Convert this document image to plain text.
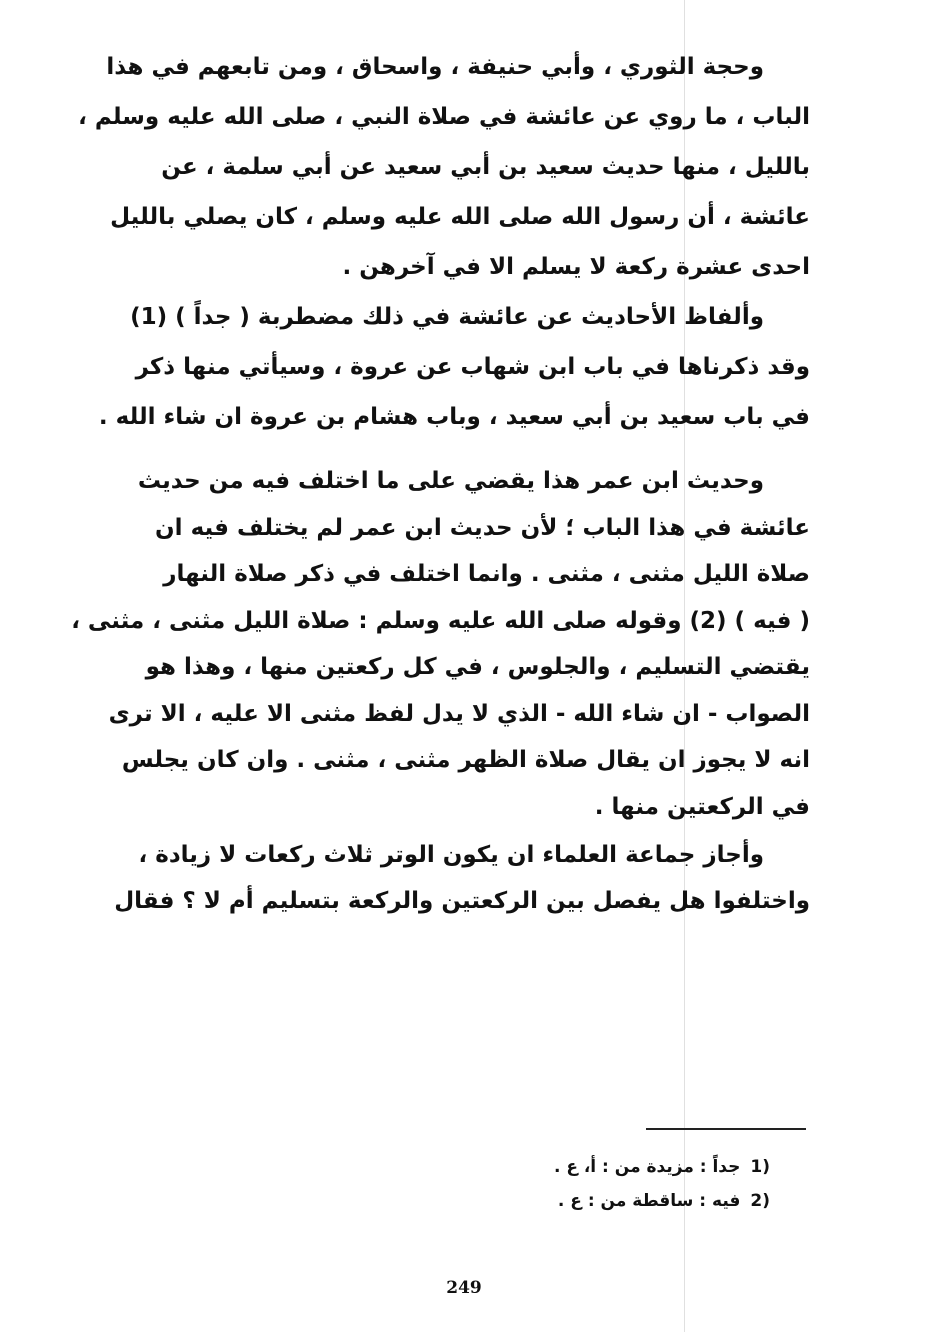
وحجة الثوري ، وأبي حنيفة ، واسحاق ، ومن تابعهم في هذا
الباب ، ما روي عن عائشة في صلاة النبي ، صلى الله عليه وسلم ،
بالليل ، منها حديث سعيد بن أبي سعيد عن أبي سلمة ، عن
عائشة ، أن رسول الله صلى الله عليه وسلم ، كان يصلي بالليل
احدى عشرة ركعة لا يسلم الا في آخرهن .
وألفاظ الأحاديث عن عائشة في ذلك مضطربة ( جداً ) (1)
وقد ذكرناها في باب ابن شهاب عن عروة ، وسيأتي منها ذكر
في باب سعيد بن أبي سعيد ، وباب هشام بن عروة ان شاء الله .
وحديث ابن عمر هذا يقضي على ما اختلف فيه من حديث
عائشة في هذا الباب ؛ لأن حديث ابن عمر لم يختلف فيه ان
صلاة الليل مثنى ، مثنى . وانما اختلف في ذكر صلاة النهار
( فيه ) (2) وقوله صلى الله عليه وسلم : صلاة الليل مثنى ، مثنى ،
يقتضي التسليم ، والجلوس ، في كل ركعتين منها ، وهذا هو
الصواب - ان شاء الله - الذي لا يدل لفظ مثنى الا عليه ، الا ترى
انه لا يجوز ان يقال صلاة الظهر مثنى ، مثنى . وان كان يجلس
في الركعتين منها .
وأجاز جماعة العلماء ان يكون الوتر ثلاث ركعات لا زيادة ،
واختلفوا هل يفصل بين الركعتين والركعة بتسليم أم لا ؟ فقال
1)جداً : مزيدة من : أ، ع .
2)فيه : ساقطة من : ع .
249
